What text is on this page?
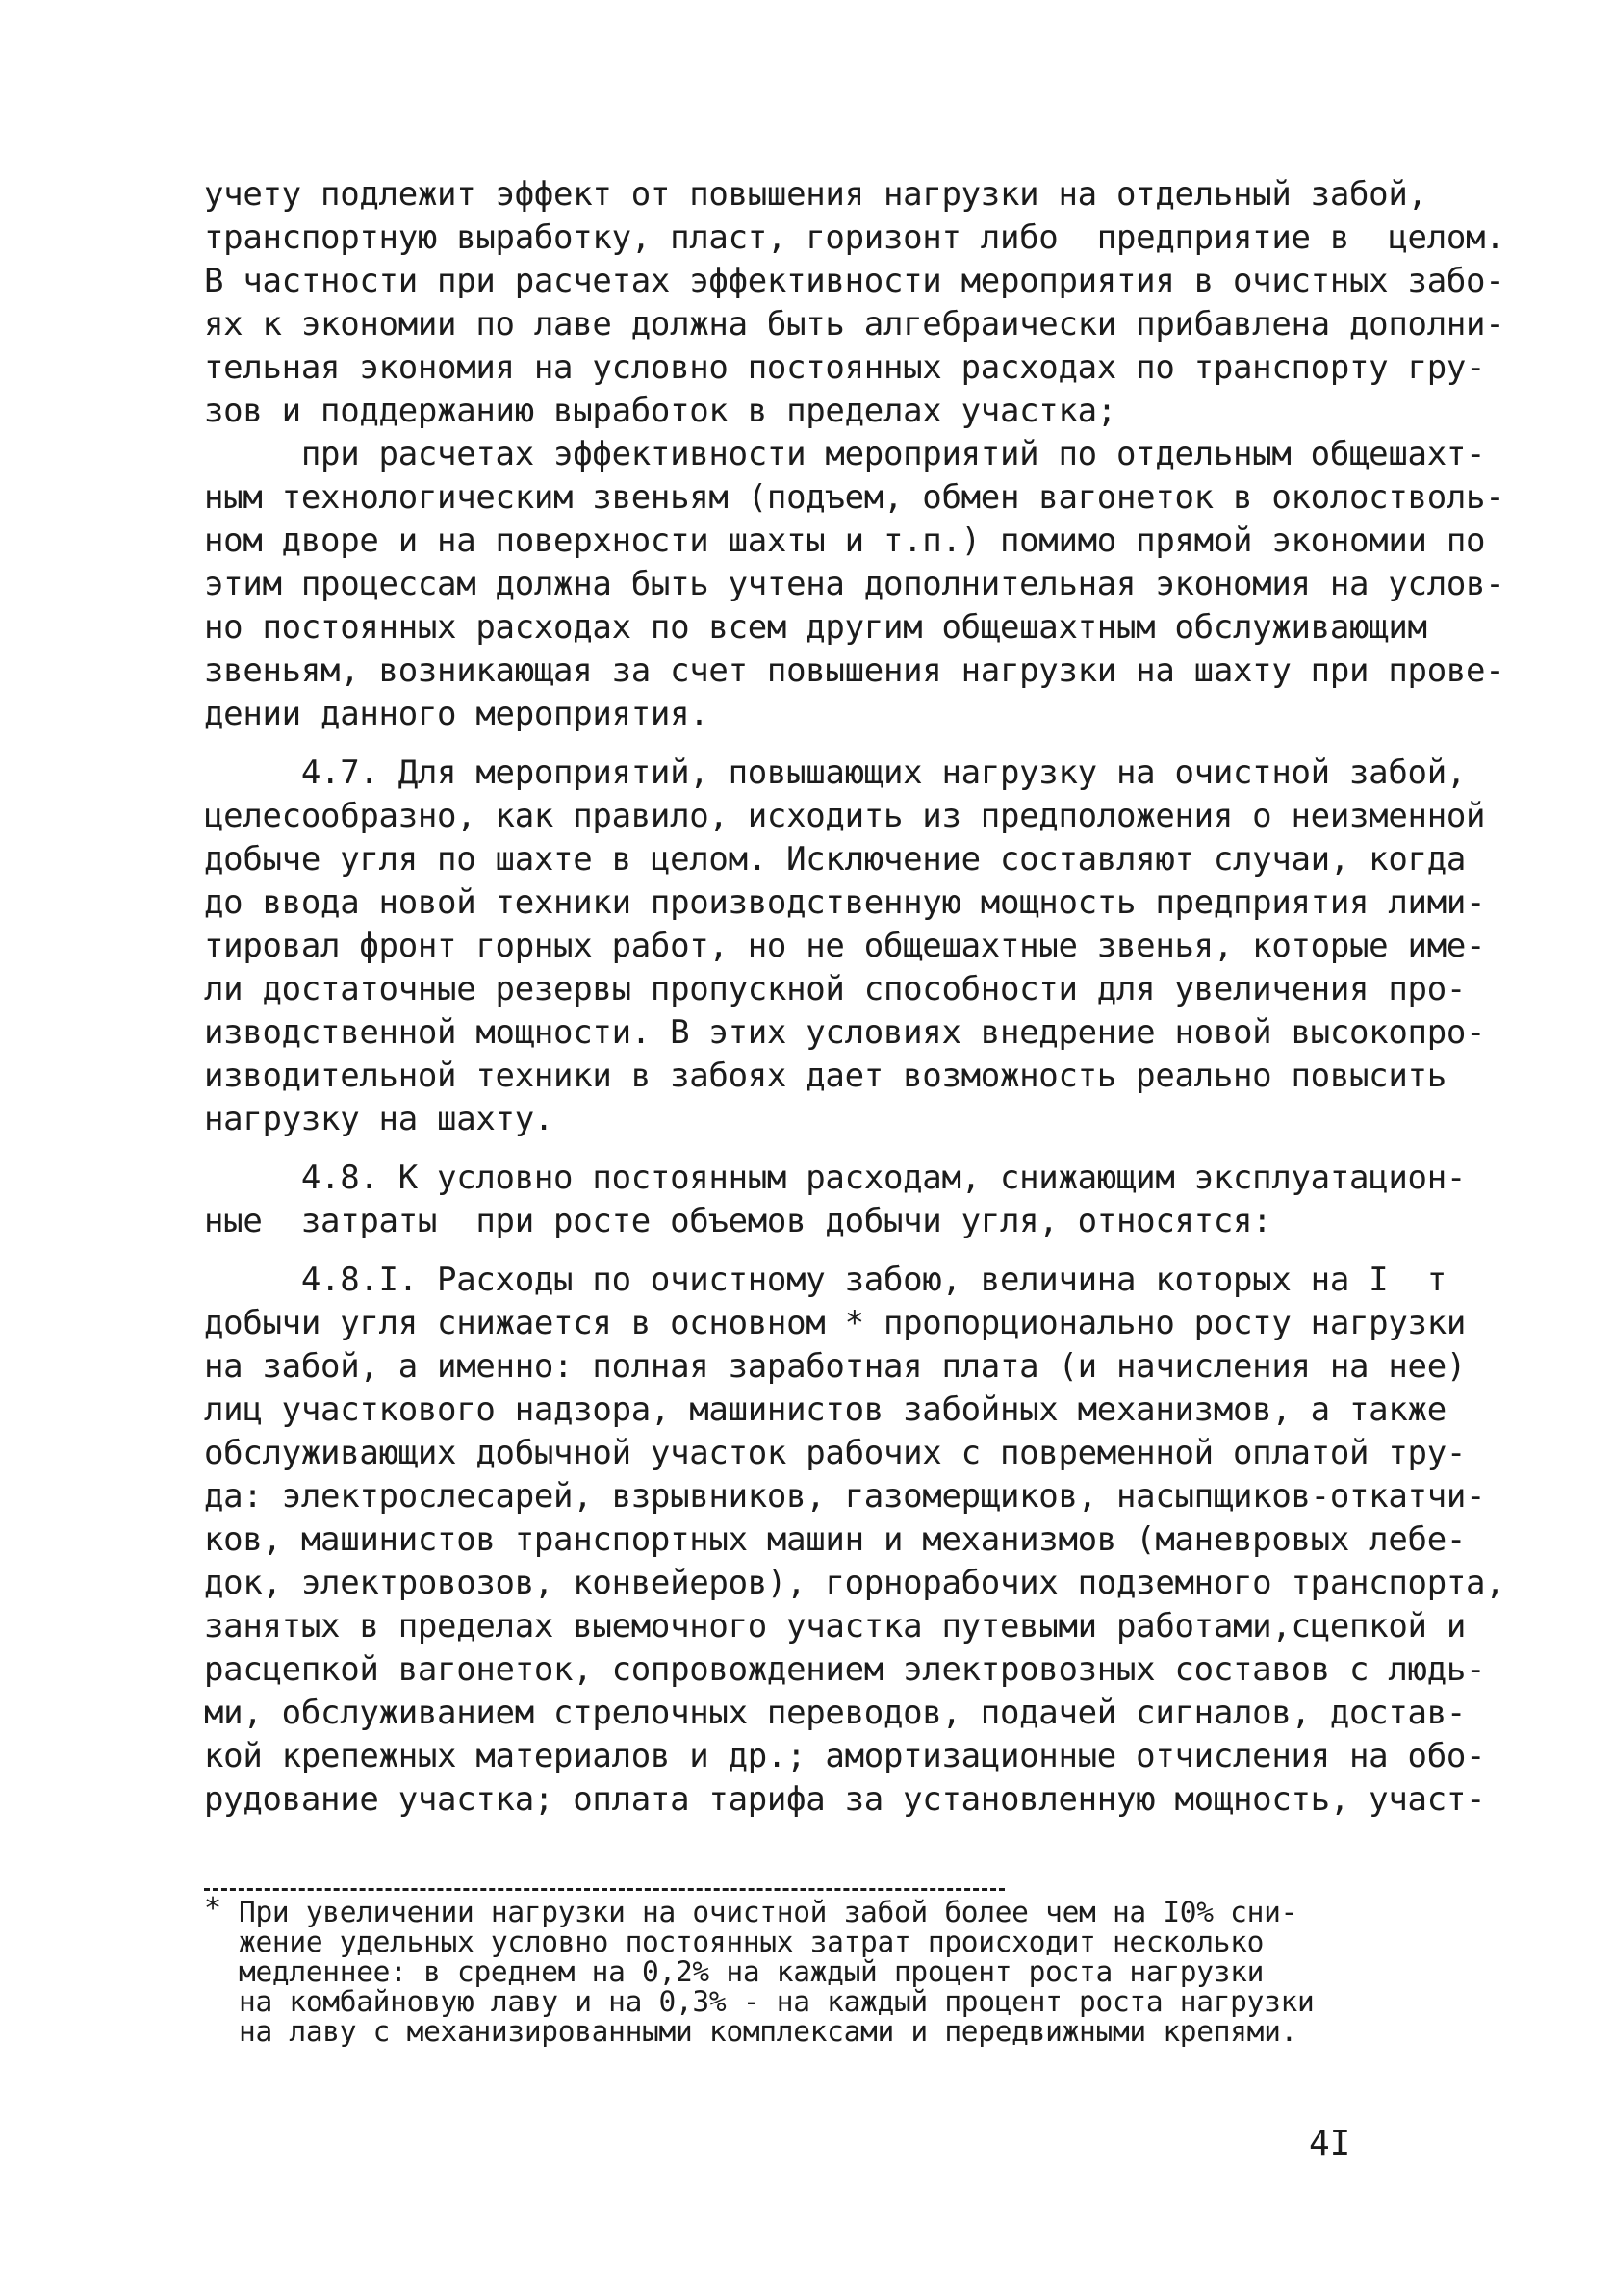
учету подлежит эффект от повышения нагрузки на отдельный забой,
транспортную выработку, пласт, горизонт либо  предприятие в  целом.
В частности при расчетах эффективности мероприятия в очистных забо-
ях к экономии по лаве должна быть алгебраически прибавлена дополни-
тельная экономия на условно постоянных расходах по транспорту гру-
зов и поддержанию выработок в пределах участка;
при расчетах эффективности мероприятий по отдельным общешахт-
ным технологическим звеньям (подъем, обмен вагонеток в околостволь-
ном дворе и на поверхности шахты и т.п.) помимо прямой экономии по
этим процессам должна быть учтена дополнительная экономия на услов-
но постоянных расходах по всем другим общешахтным обслуживающим
звеньям, возникающая за счет повышения нагрузки на шахту при прове-
дении данного мероприятия.
4.7. Для мероприятий, повышающих нагрузку на очистной забой,
целесообразно, как правило, исходить из предположения о неизменной
добыче угля по шахте в целом. Исключение составляют случаи, когда
до ввода новой техники производственную мощность предприятия лими-
тировал фронт горных работ, но не общешахтные звенья, которые име-
ли достаточные резервы пропускной способности для увеличения про-
изводственной мощности. В этих условиях внедрение новой высокопро-
изводительной техники в забоях дает возможность реально повысить
нагрузку на шахту.
4.8. К условно постоянным расходам, снижающим эксплуатацион-
ные  затраты  при росте объемов добычи угля, относятся:
4.8.I. Расходы по очистному забою, величина которых на I  т
добычи угля снижается в основном * пропорционально росту нагрузки
на забой, а именно: полная заработная плата (и начисления на нее)
лиц участкового надзора, машинистов забойных механизмов, а также
обслуживающих добычной участок рабочих с повременной оплатой тру-
да: электрослесарей, взрывников, газомерщиков, насыпщиков-откатчи-
ков, машинистов транспортных машин и механизмов (маневровых лебе-
док, электровозов, конвейеров), горнорабочих подземного транспорта,
занятых в пределах выемочного участка путевыми работами,сцепкой и
расцепкой вагонеток, сопровождением электровозных составов с людь-
ми, обслуживанием стрелочных переводов, подачей сигналов, достав-
кой крепежных материалов и др.; амортизационные отчисления на обо-
рудование участка; оплата тарифа за установленную мощность, участ-
* При увеличении нагрузки на очистной забой более чем на I0% сни-
жение удельных условно постоянных затрат происходит несколько
медленнее: в среднем на 0,2% на каждый процент роста нагрузки
на комбайновую лаву и на 0,3% - на каждый процент роста нагрузки
на лаву с механизированными комплексами и передвижными крепями.
4I
